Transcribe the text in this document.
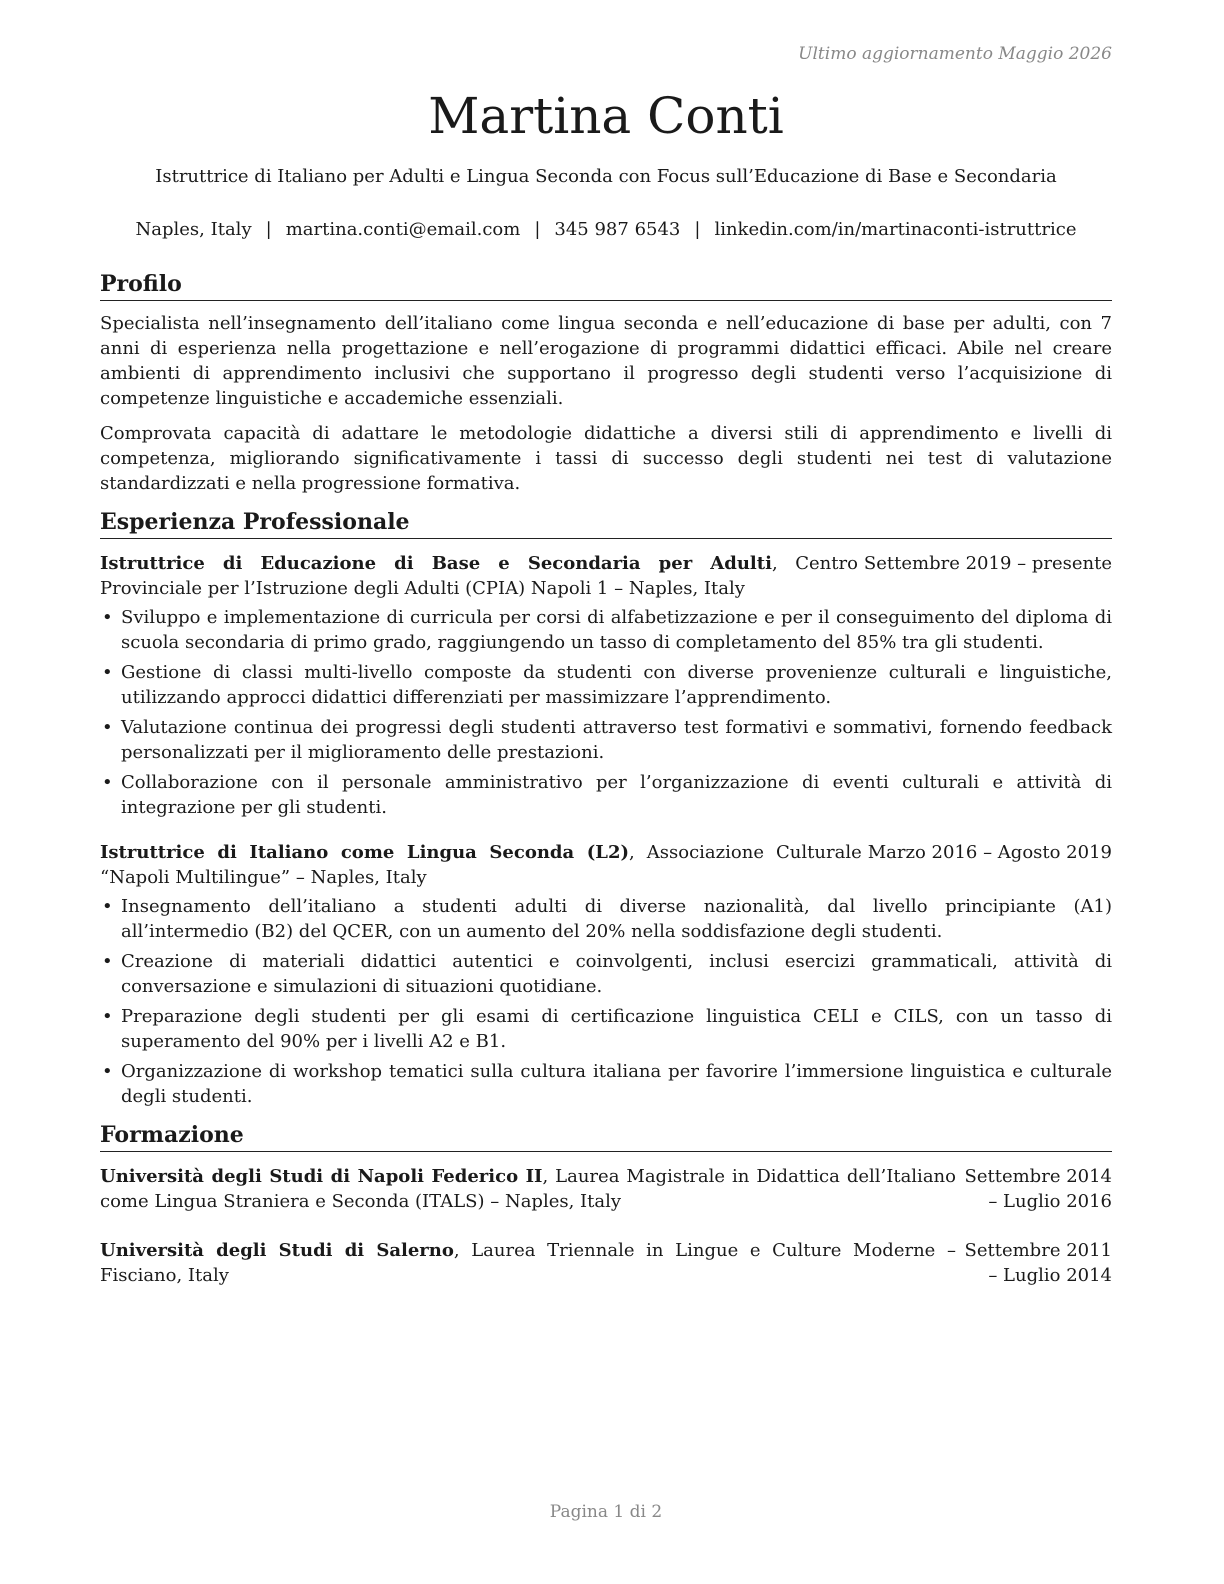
Ultimo aggiornamento Maggio 2026
Martina Conti
Istruttrice di Italiano per Adulti e Lingua Seconda con Focus sull’Educazione di Base e Secondaria
Naples, Italy | martina.conti@email.com | 345 987 6543 | linkedin.com/in/martinaconti-istruttrice
Profilo

Specialista nell’insegnamento dell’italiano come lingua seconda e nell’educazione di base per adulti, con 7 anni di esperienza nella progettazione e nell’erogazione di programmi didattici efficaci. Abile nel creare ambienti di apprendimento inclusivi che supportano il progresso degli studenti verso l’acquisizione di competenze linguistiche e accademiche essenziali.

Comprovata capacità di adattare le metodologie didattiche a diversi stili di apprendimento e livelli di competenza, migliorando significativamente i tassi di successo degli studenti nei test di valutazione standardizzati e nella progressione formativa.

Esperienza Professionale
Istruttrice di Educazione di Base e Secondaria per Adulti, Centro Provinciale per l’Istruzione degli Adulti (CPIA) Napoli 1 – Naples, Italy
Settembre 2019 – presente
• Sviluppo e implementazione di curricula per corsi di alfabetizzazione e per il conseguimento del diploma di scuola secondaria di primo grado, raggiungendo un tasso di completamento del 85% tra gli studenti.
• Gestione di classi multi-livello composte da studenti con diverse provenienze culturali e linguistiche, utilizzando approcci didattici differenziati per massimizzare l’apprendimento.
• Valutazione continua dei progressi degli studenti attraverso test formativi e sommativi, fornendo feedback personalizzati per il miglioramento delle prestazioni.
• Collaborazione con il personale amministrativo per l’organizzazione di eventi culturali e attività di integrazione per gli studenti.
Istruttrice di Italiano come Lingua Seconda (L2), Associazione Culturale “Napoli Multilingue” – Naples, Italy
Marzo 2016 – Agosto 2019
• Insegnamento dell’italiano a studenti adulti di diverse nazionalità, dal livello principiante (A1) all’intermedio (B2) del QCER, con un aumento del 20% nella soddisfazione degli studenti.
• Creazione di materiali didattici autentici e coinvolgenti, inclusi esercizi grammaticali, attività di conversazione e simulazioni di situazioni quotidiane.
• Preparazione degli studenti per gli esami di certificazione linguistica CELI e CILS, con un tasso di superamento del 90% per i livelli A2 e B1.
• Organizzazione di workshop tematici sulla cultura italiana per favorire l’immersione linguistica e culturale degli studenti.
Formazione
Università degli Studi di Napoli Federico II, Laurea Magistrale in Didattica dell’Italiano come Lingua Straniera e Seconda (ITALS) – Naples, Italy
Settembre 2014 – Luglio 2016
Università degli Studi di Salerno, Laurea Triennale in Lingue e Culture Moderne – Fisciano, Italy
Settembre 2011 – Luglio 2014
Pagina 1 di 2
